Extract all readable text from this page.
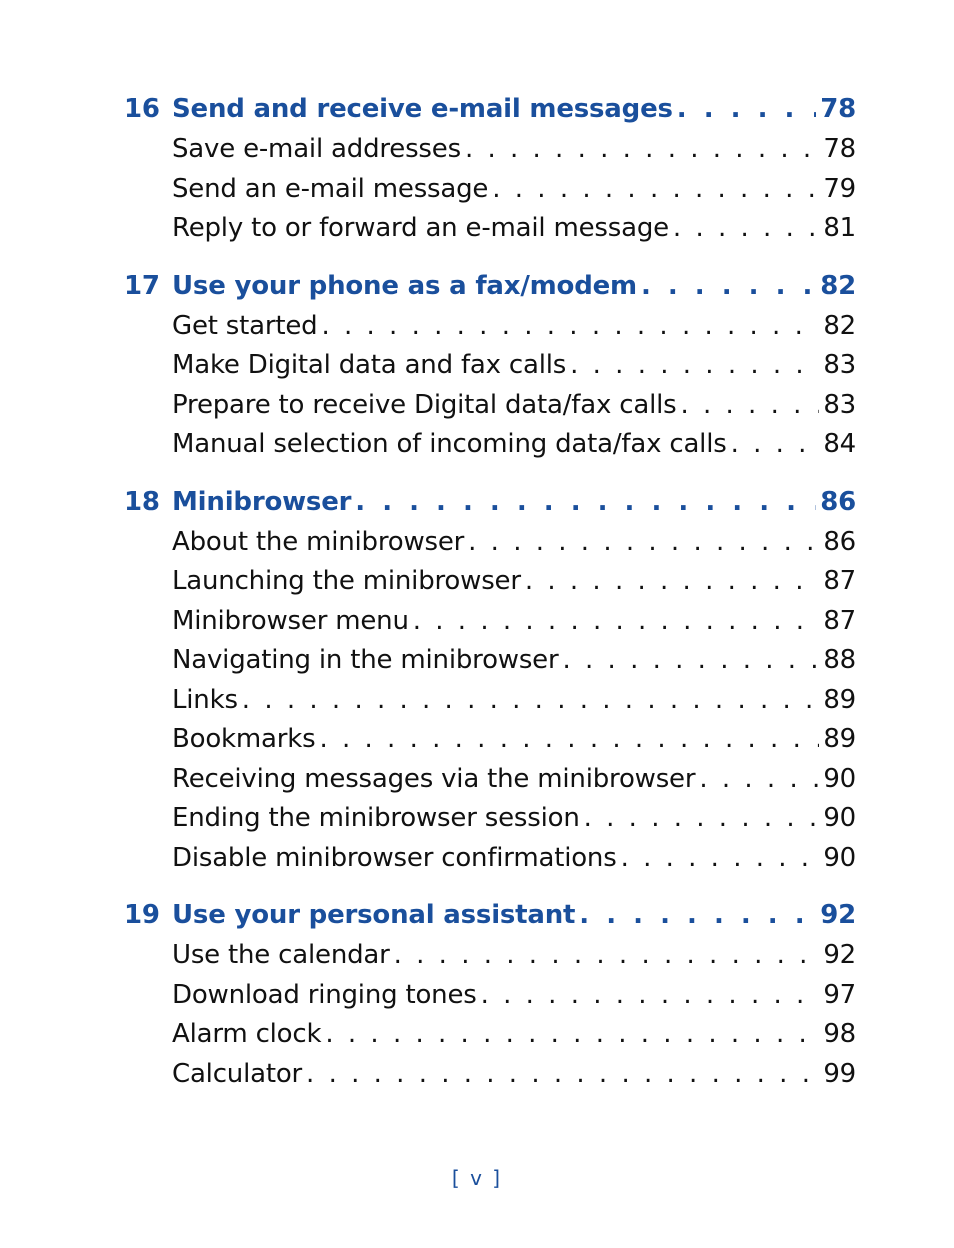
16 Send and receive e-mail messages . . .	78
Save e-mail addresses . . .	78
Send an e-mail message . . .	79
Reply to or forward an e-mail message . . .	81
17 Use your phone as a fax/modem . . .	82
Get started . . .	82
Make Digital data and fax calls . . .	83
Prepare to receive Digital data/fax calls . . .	83
Manual selection of incoming data/fax calls . . .	84
18 Minibrowser . . .	86
About the minibrowser . . .	86
Launching the minibrowser . . .	87
Minibrowser menu . . .	87
Navigating in the minibrowser . . .	88
Links . . .	89
Bookmarks . . .	89
Receiving messages via the minibrowser . . .	90
Ending the minibrowser session . . .	90
Disable minibrowser confirmations . . .	90
19 Use your personal assistant . . .	92
Use the calendar . . .	92
Download ringing tones . . .	97
Alarm clock . . .	98
Calculator . . .	99
[ v ]
